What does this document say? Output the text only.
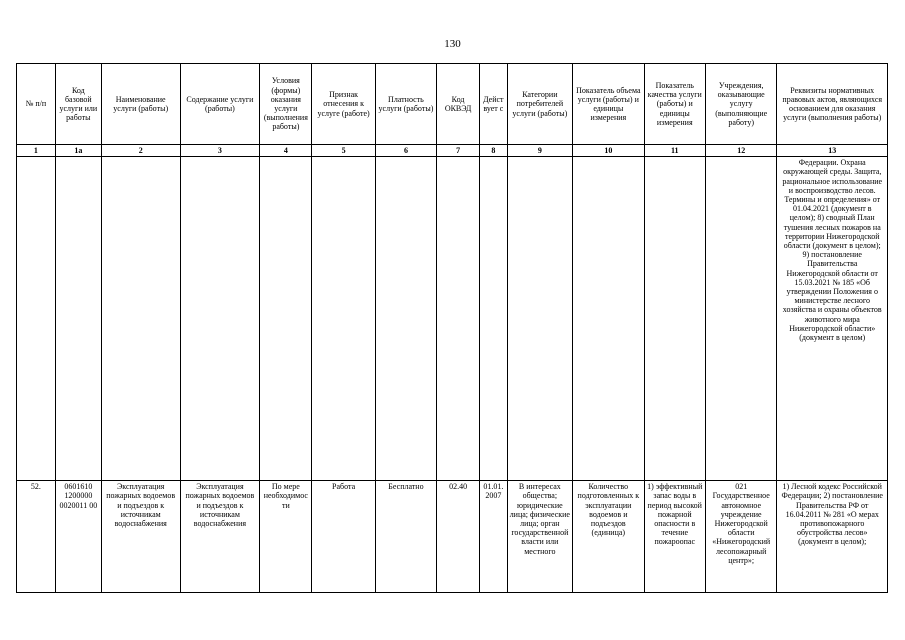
130
№ п/п	Код базовой услуги или работы	Наименование услуги (работы)	Содержание услуги (работы)	Условия (формы) оказания услуги (выполнения работы)	Признак отнесения к услуге (работе)	Платность услуги (работы)	Код ОКВЭД	Действует с	Категории потребителей услуги (работы)	Показатель объема услуги (работы) и единицы измерения	Показатель качества услуги (работы) и единицы измерения	Учреждения, оказывающие услугу (выполняющие работу)	Реквизиты нормативных правовых актов, являющихся основанием для оказания услуги (выполнения работы)
1	1а	2	3	4	5	6	7	8	9	10	11	12	13
													Федерации. Охрана окружающей среды. Защита, рациональное использование и воспроизводство лесов. Термины и определения» от 01.04.2021 (документ в целом); 8) сводный План тушения лесных пожаров на территории Нижегородской области (документ в целом); 9) постановление Правительства Нижегородской области от 15.03.2021 № 185 «Об утверждении Положения о министерстве лесного хозяйства и охраны объектов животного мира Нижегородской области» (документ в целом)
52.	0601610 1200000 0020011 00	Эксплуатация пожарных водоемов и подъездов к источникам водоснабжения	Эксплуатация пожарных водоемов и подъездов к источникам водоснабжения	По мере необходимости	Работа	Бесплатно	02.40	01.01.2007	В интересах общества; юридические лица; физические лица; орган государственной власти или местного	Количество подготовленных к эксплуатации водоемов и подъездов (единица)	1) эффективный запас воды в период высокой пожарной опасности в течение пожароопас	021 Государственное автономное учреждение Нижегородской области «Нижегородский лесопожарный центр»;	1) Лесной кодекс Российской Федерации; 2) постановление Правительства РФ от 16.04.2011 № 281 «О мерах противопожарного обустройства лесов» (документ в целом);
